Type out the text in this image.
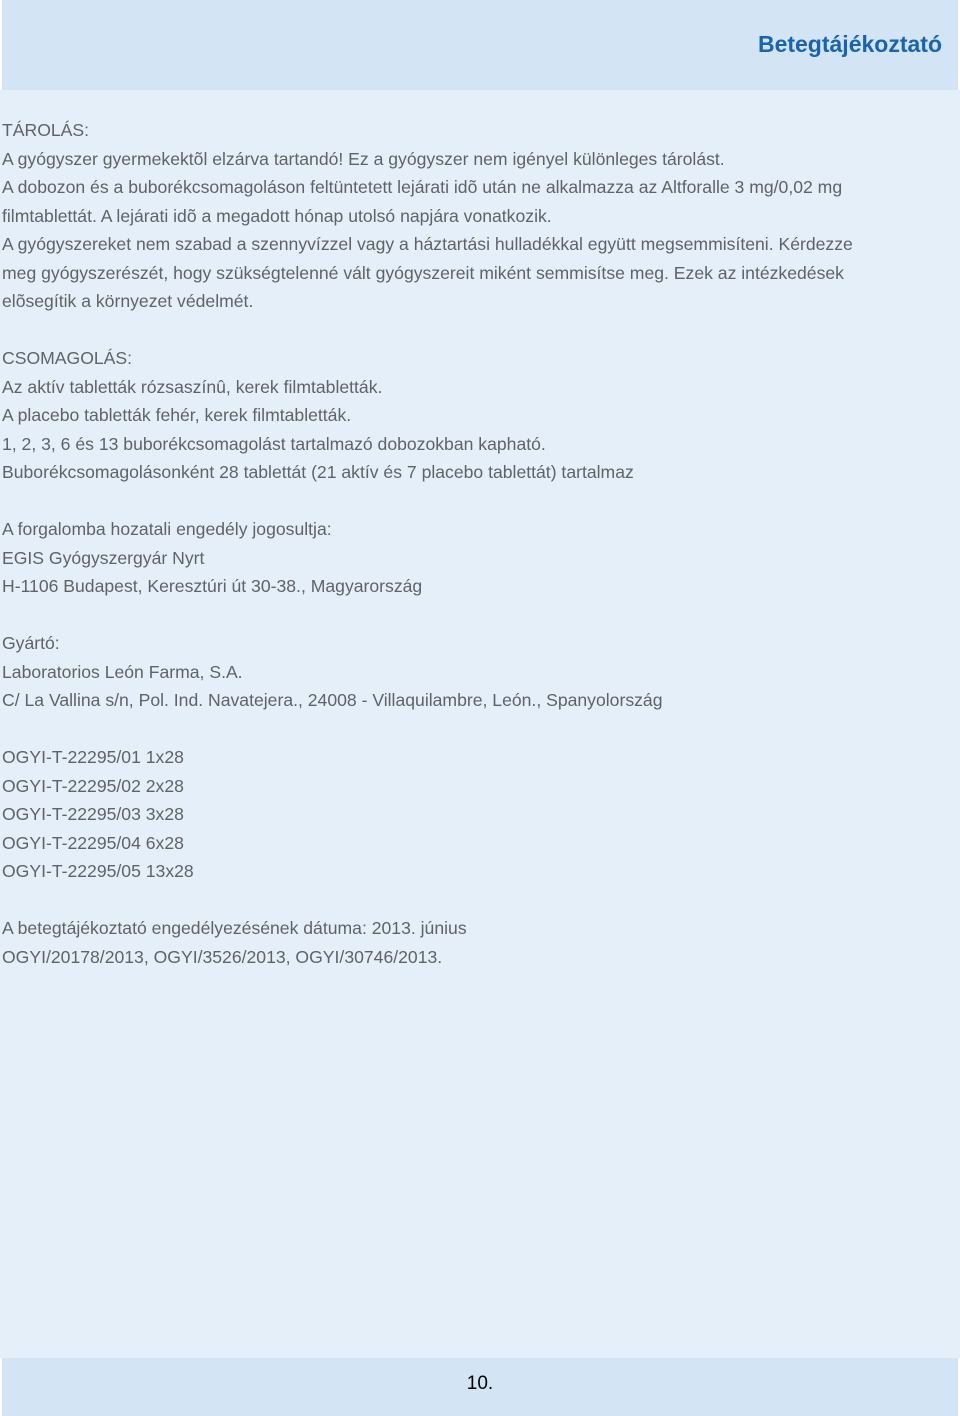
Betegtájékoztató
TÁROLÁS:
A gyógyszer gyermekektõl elzárva tartandó! Ez a gyógyszer nem igényel különleges tárolást.
A dobozon és a buborékcsomagoláson feltüntetett lejárati idõ után ne alkalmazza az Altforalle 3 mg/0,02 mg
filmtablettát. A lejárati idõ a megadott hónap utolsó napjára vonatkozik.
A gyógyszereket nem szabad a szennyvízzel vagy a háztartási hulladékkal együtt megsemmisíteni. Kérdezze
meg gyógyszerészét, hogy szükségtelenné vált gyógyszereit miként semmisítse meg. Ezek az intézkedések
elõsegítik a környezet védelmét.
CSOMAGOLÁS:
Az aktív tabletták rózsaszínû, kerek filmtabletták.
A placebo tabletták fehér, kerek filmtabletták.
1, 2, 3, 6 és 13 buborékcsomagolást tartalmazó dobozokban kapható.
Buborékcsomagolásonként 28 tablettát (21 aktív és 7 placebo tablettát) tartalmaz
A forgalomba hozatali engedély jogosultja:
EGIS Gyógyszergyár Nyrt
H-1106 Budapest, Keresztúri út 30-38., Magyarország
Gyártó:
Laboratorios León Farma, S.A.
C/ La Vallina s/n, Pol. Ind. Navatejera., 24008 - Villaquilambre, León., Spanyolország
OGYI-T-22295/01 1x28
OGYI-T-22295/02 2x28
OGYI-T-22295/03 3x28
OGYI-T-22295/04 6x28
OGYI-T-22295/05 13x28
A betegtájékoztató engedélyezésének dátuma: 2013. június
OGYI/20178/2013, OGYI/3526/2013, OGYI/30746/2013.
10.
